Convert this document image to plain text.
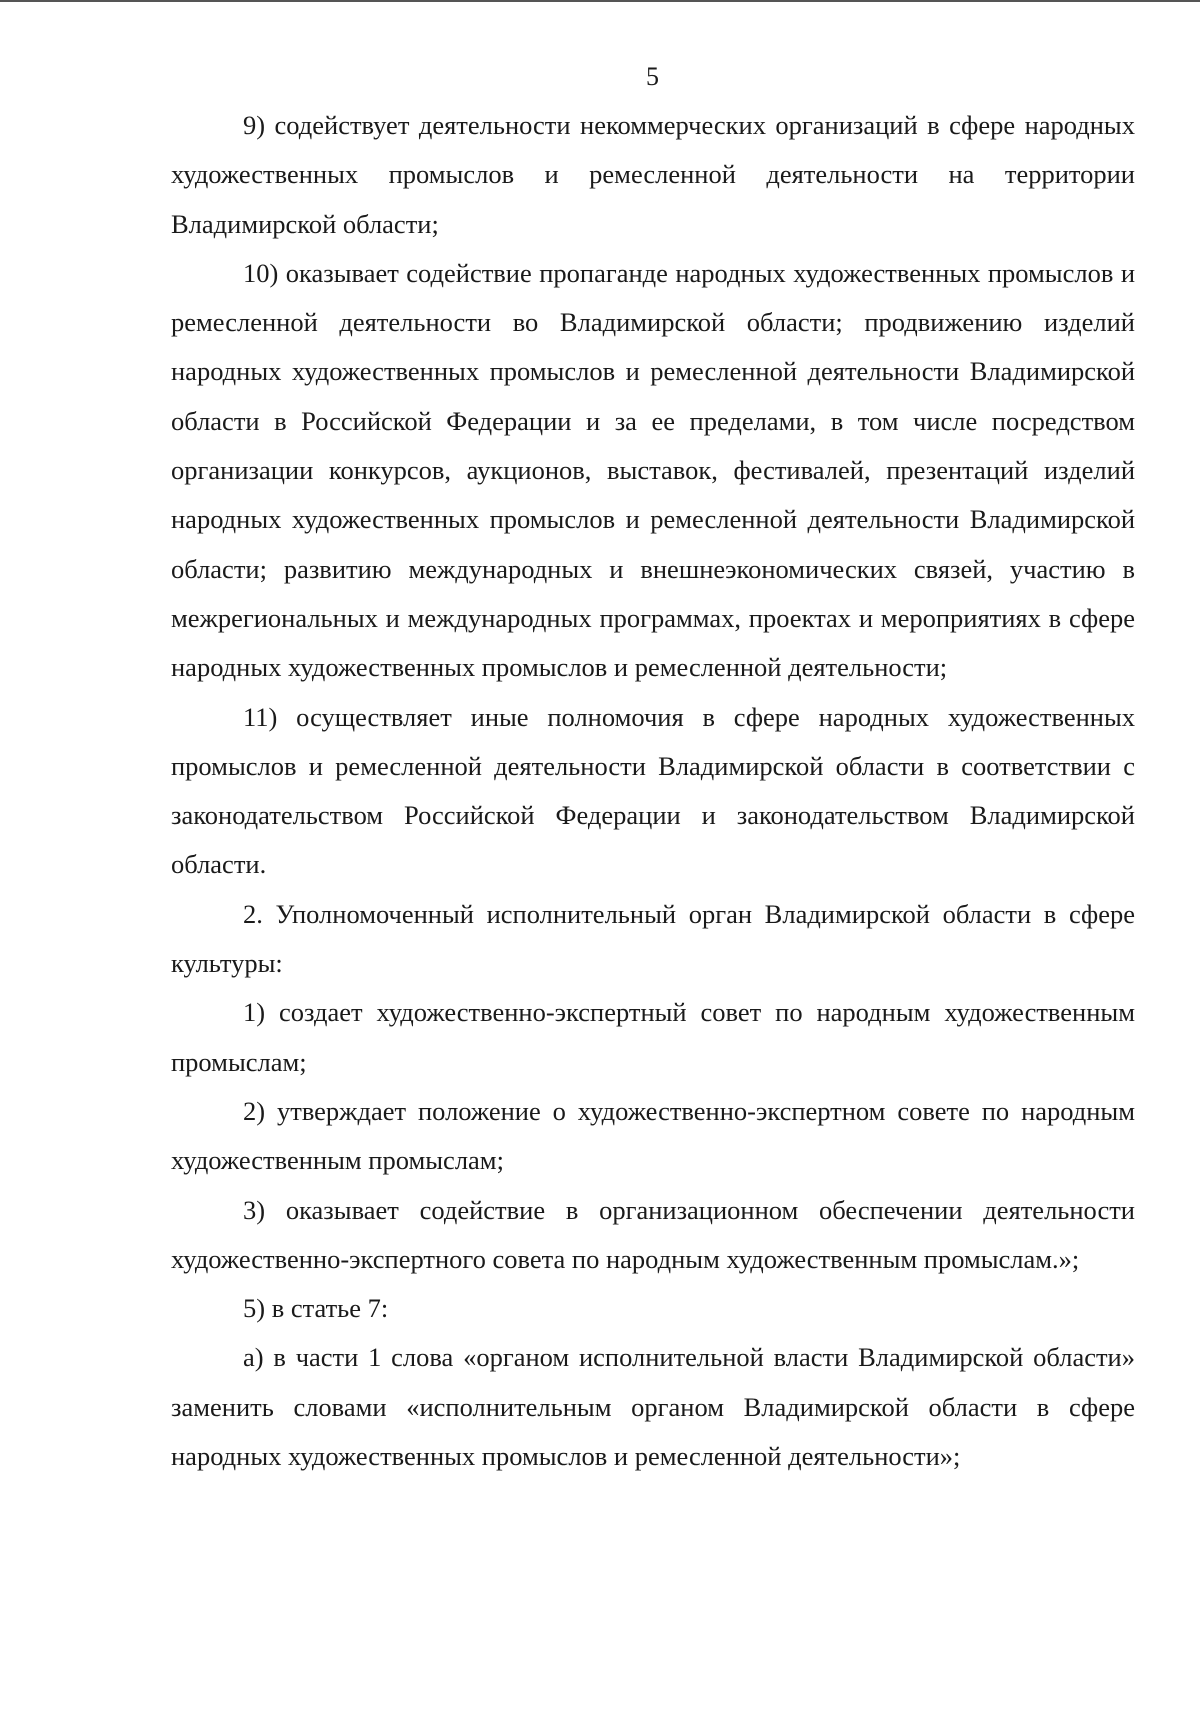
5

9) содействует деятельности некоммерческих организаций в сфере народных художественных промыслов и ремесленной деятельности на территории Владимирской области;

10) оказывает содействие пропаганде народных художественных промыслов и ремесленной деятельности во Владимирской области; продвижению изделий народных художественных промыслов и ремесленной деятельности Владимирской области в Российской Федерации и за ее пределами, в том числе посредством организации конкурсов, аукционов, выставок, фестивалей, презентаций изделий народных художественных промыслов и ремесленной деятельности Владимирской области; развитию международных и внешнеэкономических связей, участию в межрегиональных и международных программах, проектах и мероприятиях в сфере народных художественных промыслов и ремесленной деятельности;

11) осуществляет иные полномочия в сфере народных художественных промыслов и ремесленной деятельности Владимирской области в соответствии с законодательством Российской Федерации и законодательством Владимирской области.

2. Уполномоченный исполнительный орган Владимирской области в сфере культуры:

1) создает художественно-экспертный совет по народным художественным промыслам;

2) утверждает положение о художественно-экспертном совете по народным художественным промыслам;

3) оказывает содействие в организационном обеспечении деятельности художественно-экспертного совета по народным художественным промыслам.»;

5) в статье 7:

а) в части 1 слова «органом исполнительной власти Владимирской области» заменить словами «исполнительным органом Владимирской области в сфере народных художественных промыслов и ремесленной деятельности»;
